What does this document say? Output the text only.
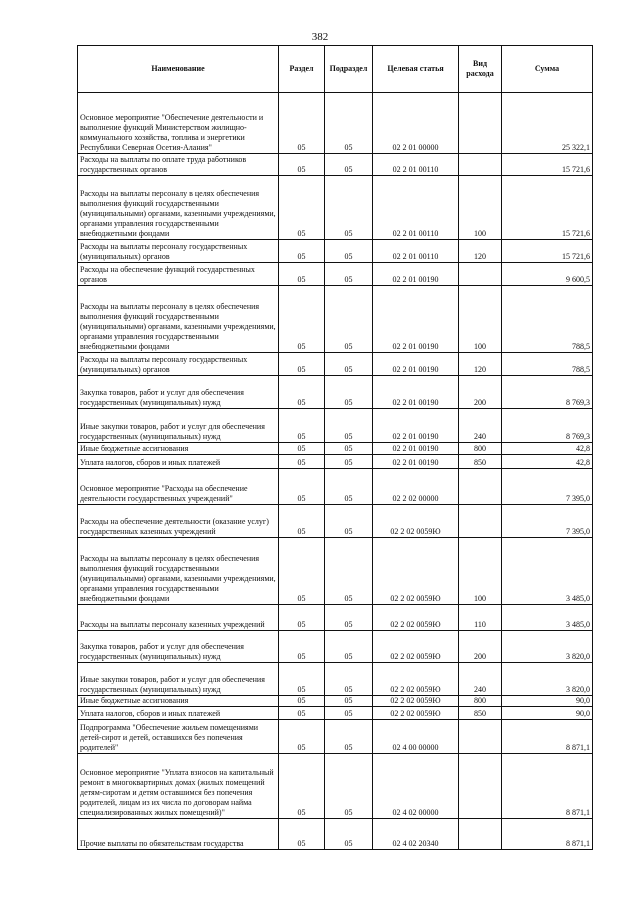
382
Наименование	Раздел	Подраздел	Целевая статья	Вид расхода	Сумма
Основное мероприятие "Обеспечение деятельности и выполнение функций Министерством жилищно-коммунального хозяйства, топлива и энергетики Республики Северная Осетия-Алания"	05	05	02 2 01 00000		25 322,1
Расходы на выплаты по оплате труда работников государственных органов	05	05	02 2 01 00110		15 721,6
Расходы на выплаты персоналу в целях обеспечения выполнения функций государственными (муниципальными) органами, казенными учреждениями, органами управления государственными внебюджетными фондами	05	05	02 2 01 00110	100	15 721,6
Расходы на выплаты персоналу государственных (муниципальных) органов	05	05	02 2 01 00110	120	15 721,6
Расходы на обеспечение функций государственных органов	05	05	02 2 01 00190		9 600,5
Расходы на выплаты персоналу в целях обеспечения выполнения функций государственными (муниципальными) органами, казенными учреждениями, органами управления государственными внебюджетными фондами	05	05	02 2 01 00190	100	788,5
Расходы на выплаты персоналу государственных (муниципальных) органов	05	05	02 2 01 00190	120	788,5
Закупка товаров, работ и услуг для обеспечения государственных (муниципальных) нужд	05	05	02 2 01 00190	200	8 769,3
Иные закупки товаров, работ и услуг для обеспечения государственных (муниципальных) нужд	05	05	02 2 01 00190	240	8 769,3
Иные бюджетные ассигнования	05	05	02 2 01 00190	800	42,8
Уплата налогов, сборов и иных платежей	05	05	02 2 01 00190	850	42,8
Основное мероприятие "Расходы на обеспечение деятельности государственных учреждений"	05	05	02 2 02 00000		7 395,0
Расходы на обеспечение деятельности (оказание услуг) государственных казенных учреждений	05	05	02 2 02 0059Ю		7 395,0
Расходы на выплаты персоналу в целях обеспечения выполнения функций государственными (муниципальными) органами, казенными учреждениями, органами управления государственными внебюджетными фондами	05	05	02 2 02 0059Ю	100	3 485,0
Расходы на выплаты персоналу казенных учреждений	05	05	02 2 02 0059Ю	110	3 485,0
Закупка товаров, работ и услуг для обеспечения государственных (муниципальных) нужд	05	05	02 2 02 0059Ю	200	3 820,0
Иные закупки товаров, работ и услуг для обеспечения государственных (муниципальных) нужд	05	05	02 2 02 0059Ю	240	3 820,0
Иные бюджетные ассигнования	05	05	02 2 02 0059Ю	800	90,0
Уплата налогов, сборов и иных платежей	05	05	02 2 02 0059Ю	850	90,0
Подпрограмма "Обеспечение жильем помещениями детей-сирот и детей, оставшихся без попечения родителей"	05	05	02 4 00 00000		8 871,1
Основное мероприятие "Уплата взносов на капитальный ремонт в многоквартирных домах (жилых помещений детям-сиротам и детям оставшимся без попечения родителей, лицам из их числа по договорам найма специализированных жилых помещений)"	05	05	02 4 02 00000		8 871,1
Прочие выплаты по обязательствам государства	05	05	02 4 02 20340		8 871,1
